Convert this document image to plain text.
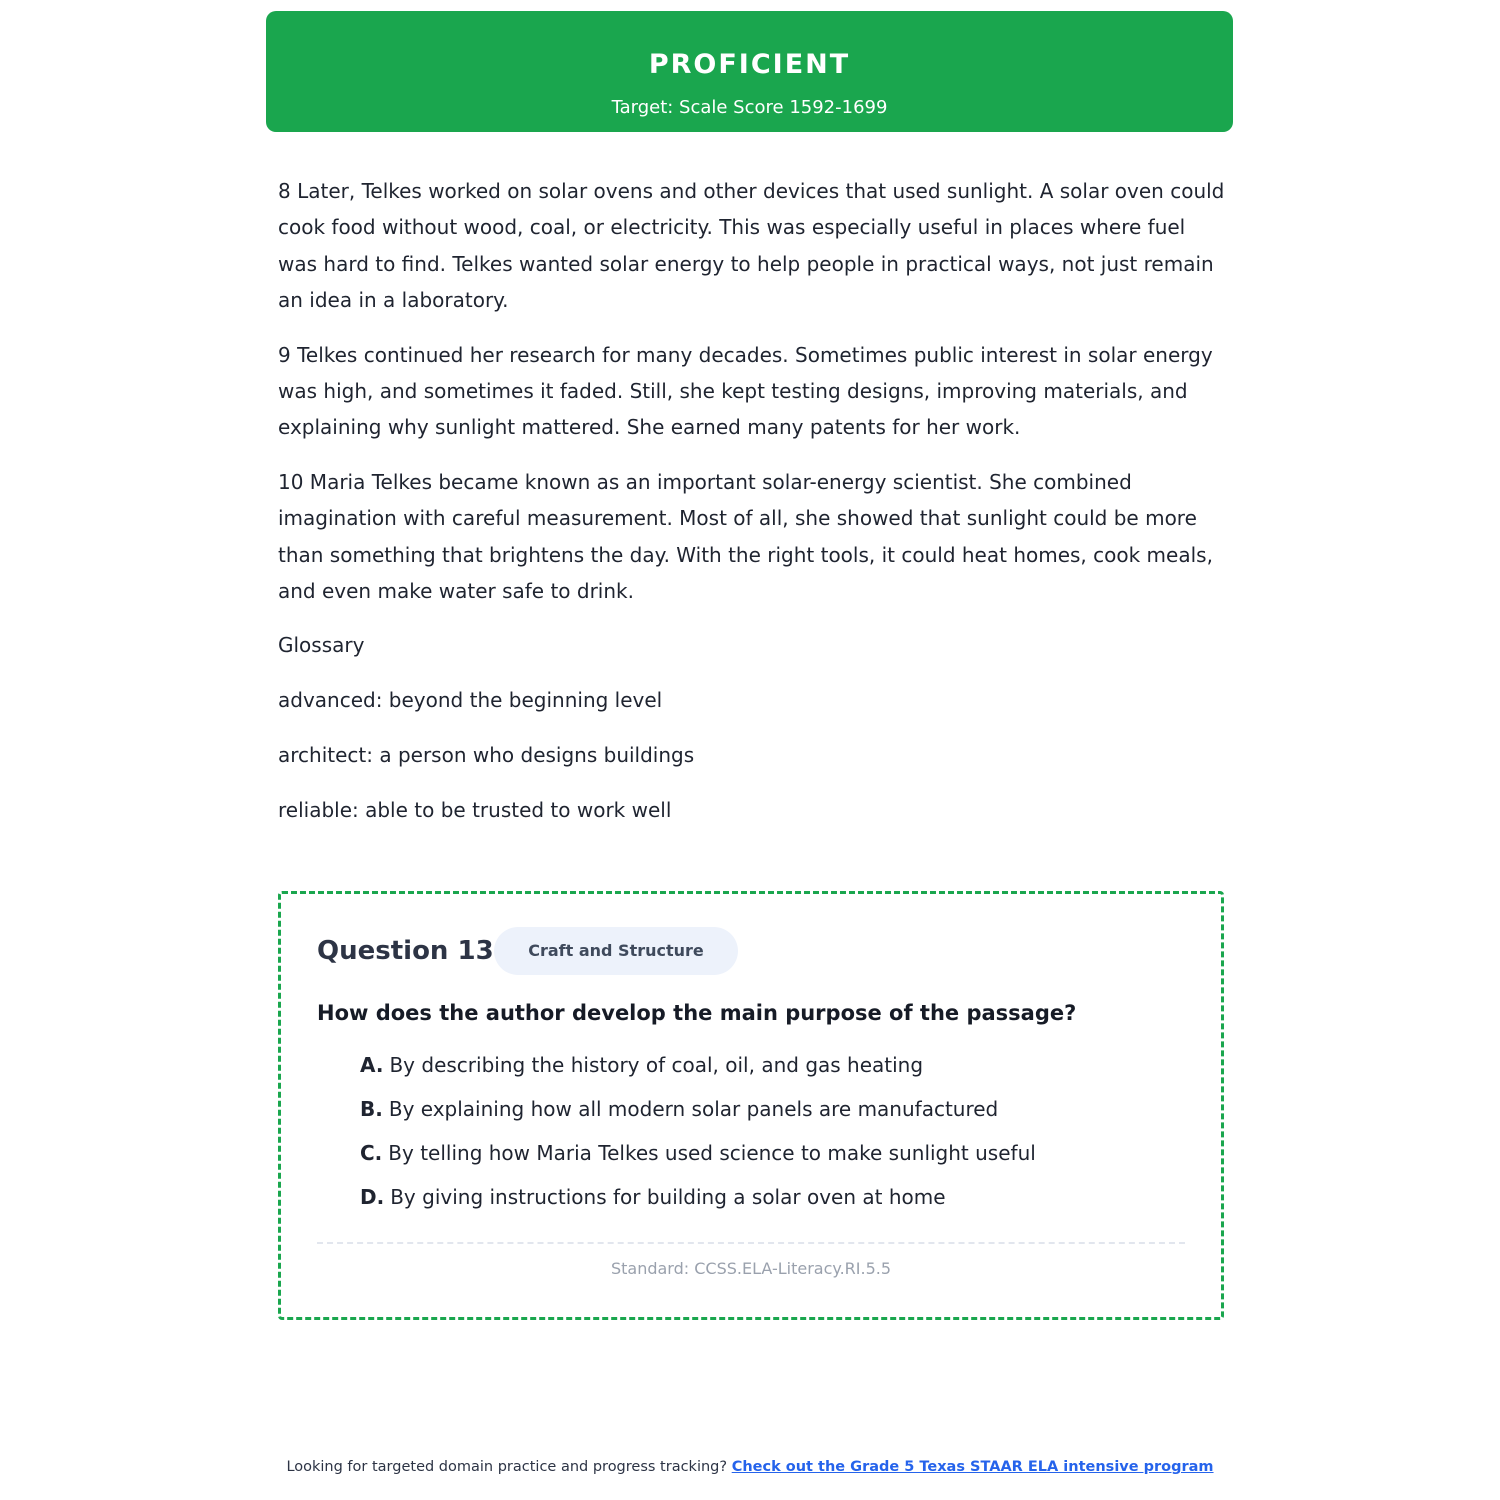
PROFICIENT
Target: Scale Score 1592-1699

8 Later, Telkes worked on solar ovens and other devices that used sunlight. A solar oven could cook food without wood, coal, or electricity. This was especially useful in places where fuel was hard to find. Telkes wanted solar energy to help people in practical ways, not just remain an idea in a laboratory.

9 Telkes continued her research for many decades. Sometimes public interest in solar energy was high, and sometimes it faded. Still, she kept testing designs, improving materials, and explaining why sunlight mattered. She earned many patents for her work.

10 Maria Telkes became known as an important solar-energy scientist. She combined imagination with careful measurement. Most of all, she showed that sunlight could be more than something that brightens the day. With the right tools, it could heat homes, cook meals, and even make water safe to drink.

Glossary

advanced: beyond the beginning level

architect: a person who designs buildings

reliable: able to be trusted to work well

Question 13	Craft and Structure
How does the author develop the main purpose of the passage?
A. By describing the history of coal, oil, and gas heating
B. By explaining how all modern solar panels are manufactured
C. By telling how Maria Telkes used science to make sunlight useful
D. By giving instructions for building a solar oven at home
Standard: CCSS.ELA-Literacy.RI.5.5
Looking for targeted domain practice and progress tracking? Check out the Grade 5 Texas STAAR ELA intensive program
